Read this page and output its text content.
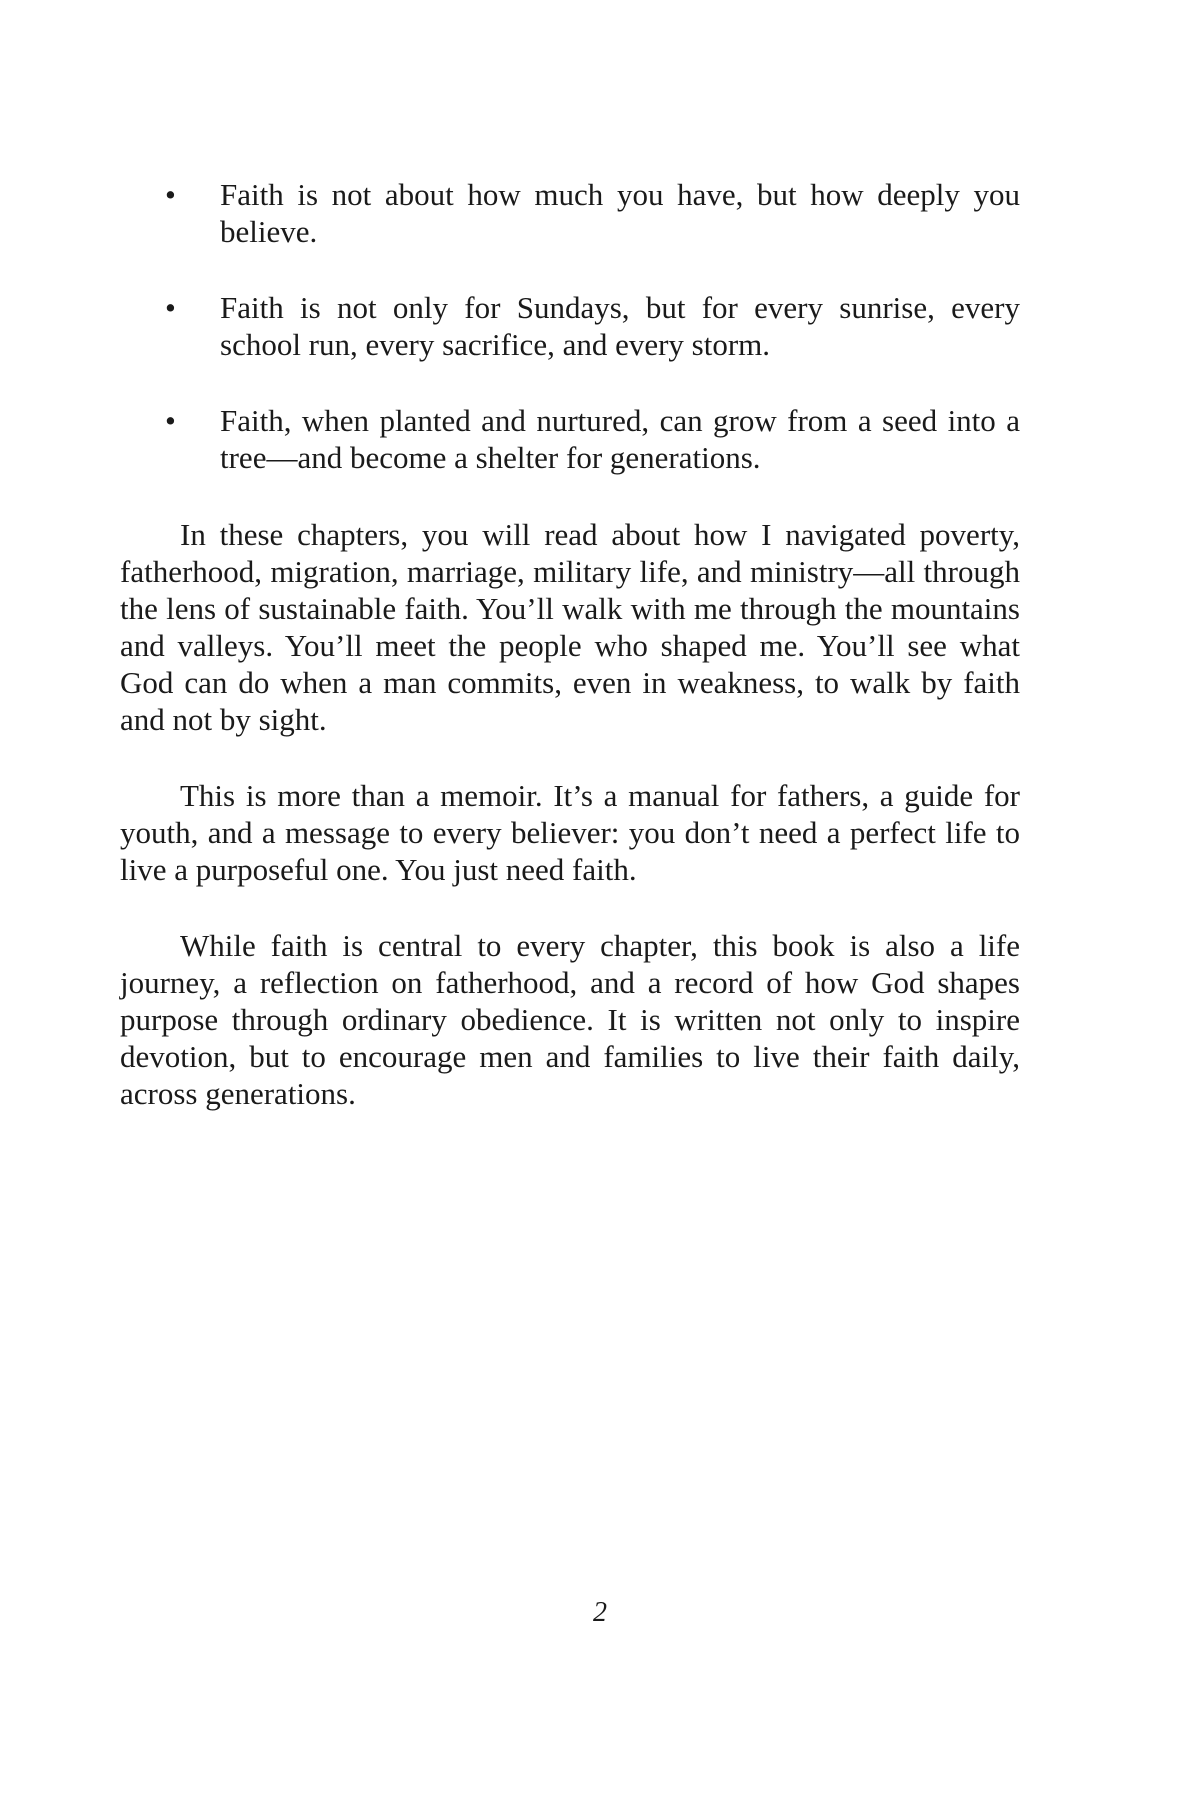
• Faith is not about how much you have, but how deeply you believe.
• Faith is not only for Sundays, but for every sunrise, every school run, every sacrifice, and every storm.
• Faith, when planted and nurtured, can grow from a seed into a tree—and become a shelter for generations.

In these chapters, you will read about how I navigated poverty, fatherhood, migration, marriage, military life, and ministry—all through the lens of sustainable faith. You’ll walk with me through the mountains and valleys. You’ll meet the people who shaped me. You’ll see what God can do when a man commits, even in weakness, to walk by faith and not by sight.

This is more than a memoir. It’s a manual for fathers, a guide for youth, and a message to every believer: you don’t need a perfect life to live a purposeful one. You just need faith.

While faith is central to every chapter, this book is also a life journey, a reflection on fatherhood, and a record of how God shapes purpose through ordinary obedience. It is written not only to inspire devotion, but to encourage men and families to live their faith daily, across generations.

2
